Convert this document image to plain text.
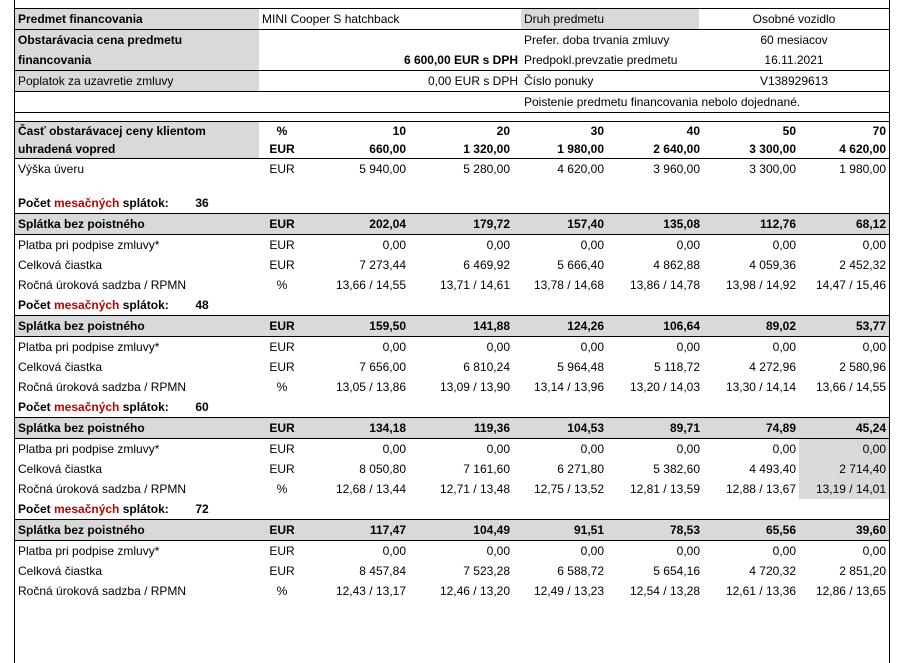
Predmet financovania	MINI Cooper S hatchback	Druh predmetu	Osobné vozidlo
Obstarávacia cena predmetu		Prefer. doba trvania zmluvy	60 mesiacov
financovania	6 600,00 EUR s DPH	Predpokl.prevzatie predmetu	16.11.2021
Poplatok za uzavretie zmluvy	0,00 EUR s DPH	Číslo ponuky	V138929613
		Poistenie predmetu financovania nebolo dojednané.	
Časť obstarávacej ceny klientom	%	10	20	30	40	50	70
uhradená vopred	EUR	660,00	1 320,00	1 980,00	2 640,00	3 300,00	4 620,00
Výška úveru	EUR	5 940,00	5 280,00	4 620,00	3 960,00	3 300,00	1 980,00

Počet mesačných splátok: 36							
Splátka bez poistného	EUR	202,04	179,72	157,40	135,08	112,76	68,12
Platba pri podpise zmluvy*	EUR	0,00	0,00	0,00	0,00	0,00	0,00
Celková čiastka	EUR	7 273,44	6 469,92	5 666,40	4 862,88	4 059,36	2 452,32
Ročná úroková sadzba / RPMN	%	13,66 / 14,55	13,71 / 14,61	13,78 / 14,68	13,86 / 14,78	13,98 / 14,92	14,47 / 15,46
Počet mesačných splátok: 48							
Splátka bez poistného	EUR	159,50	141,88	124,26	106,64	89,02	53,77
Platba pri podpise zmluvy*	EUR	0,00	0,00	0,00	0,00	0,00	0,00
Celková čiastka	EUR	7 656,00	6 810,24	5 964,48	5 118,72	4 272,96	2 580,96
Ročná úroková sadzba / RPMN	%	13,05 / 13,86	13,09 / 13,90	13,14 / 13,96	13,20 / 14,03	13,30 / 14,14	13,66 / 14,55
Počet mesačných splátok: 60							
Splátka bez poistného	EUR	134,18	119,36	104,53	89,71	74,89	45,24
Platba pri podpise zmluvy*	EUR	0,00	0,00	0,00	0,00	0,00	0,00
Celková čiastka	EUR	8 050,80	7 161,60	6 271,80	5 382,60	4 493,40	2 714,40
Ročná úroková sadzba / RPMN	%	12,68 / 13,44	12,71 / 13,48	12,75 / 13,52	12,81 / 13,59	12,88 / 13,67	13,19 / 14,01
Počet mesačných splátok: 72							
Splátka bez poistného	EUR	117,47	104,49	91,51	78,53	65,56	39,60
Platba pri podpise zmluvy*	EUR	0,00	0,00	0,00	0,00	0,00	0,00
Celková čiastka	EUR	8 457,84	7 523,28	6 588,72	5 654,16	4 720,32	2 851,20
Ročná úroková sadzba / RPMN	%	12,43 / 13,17	12,46 / 13,20	12,49 / 13,23	12,54 / 13,28	12,61 / 13,36	12,86 / 13,65
